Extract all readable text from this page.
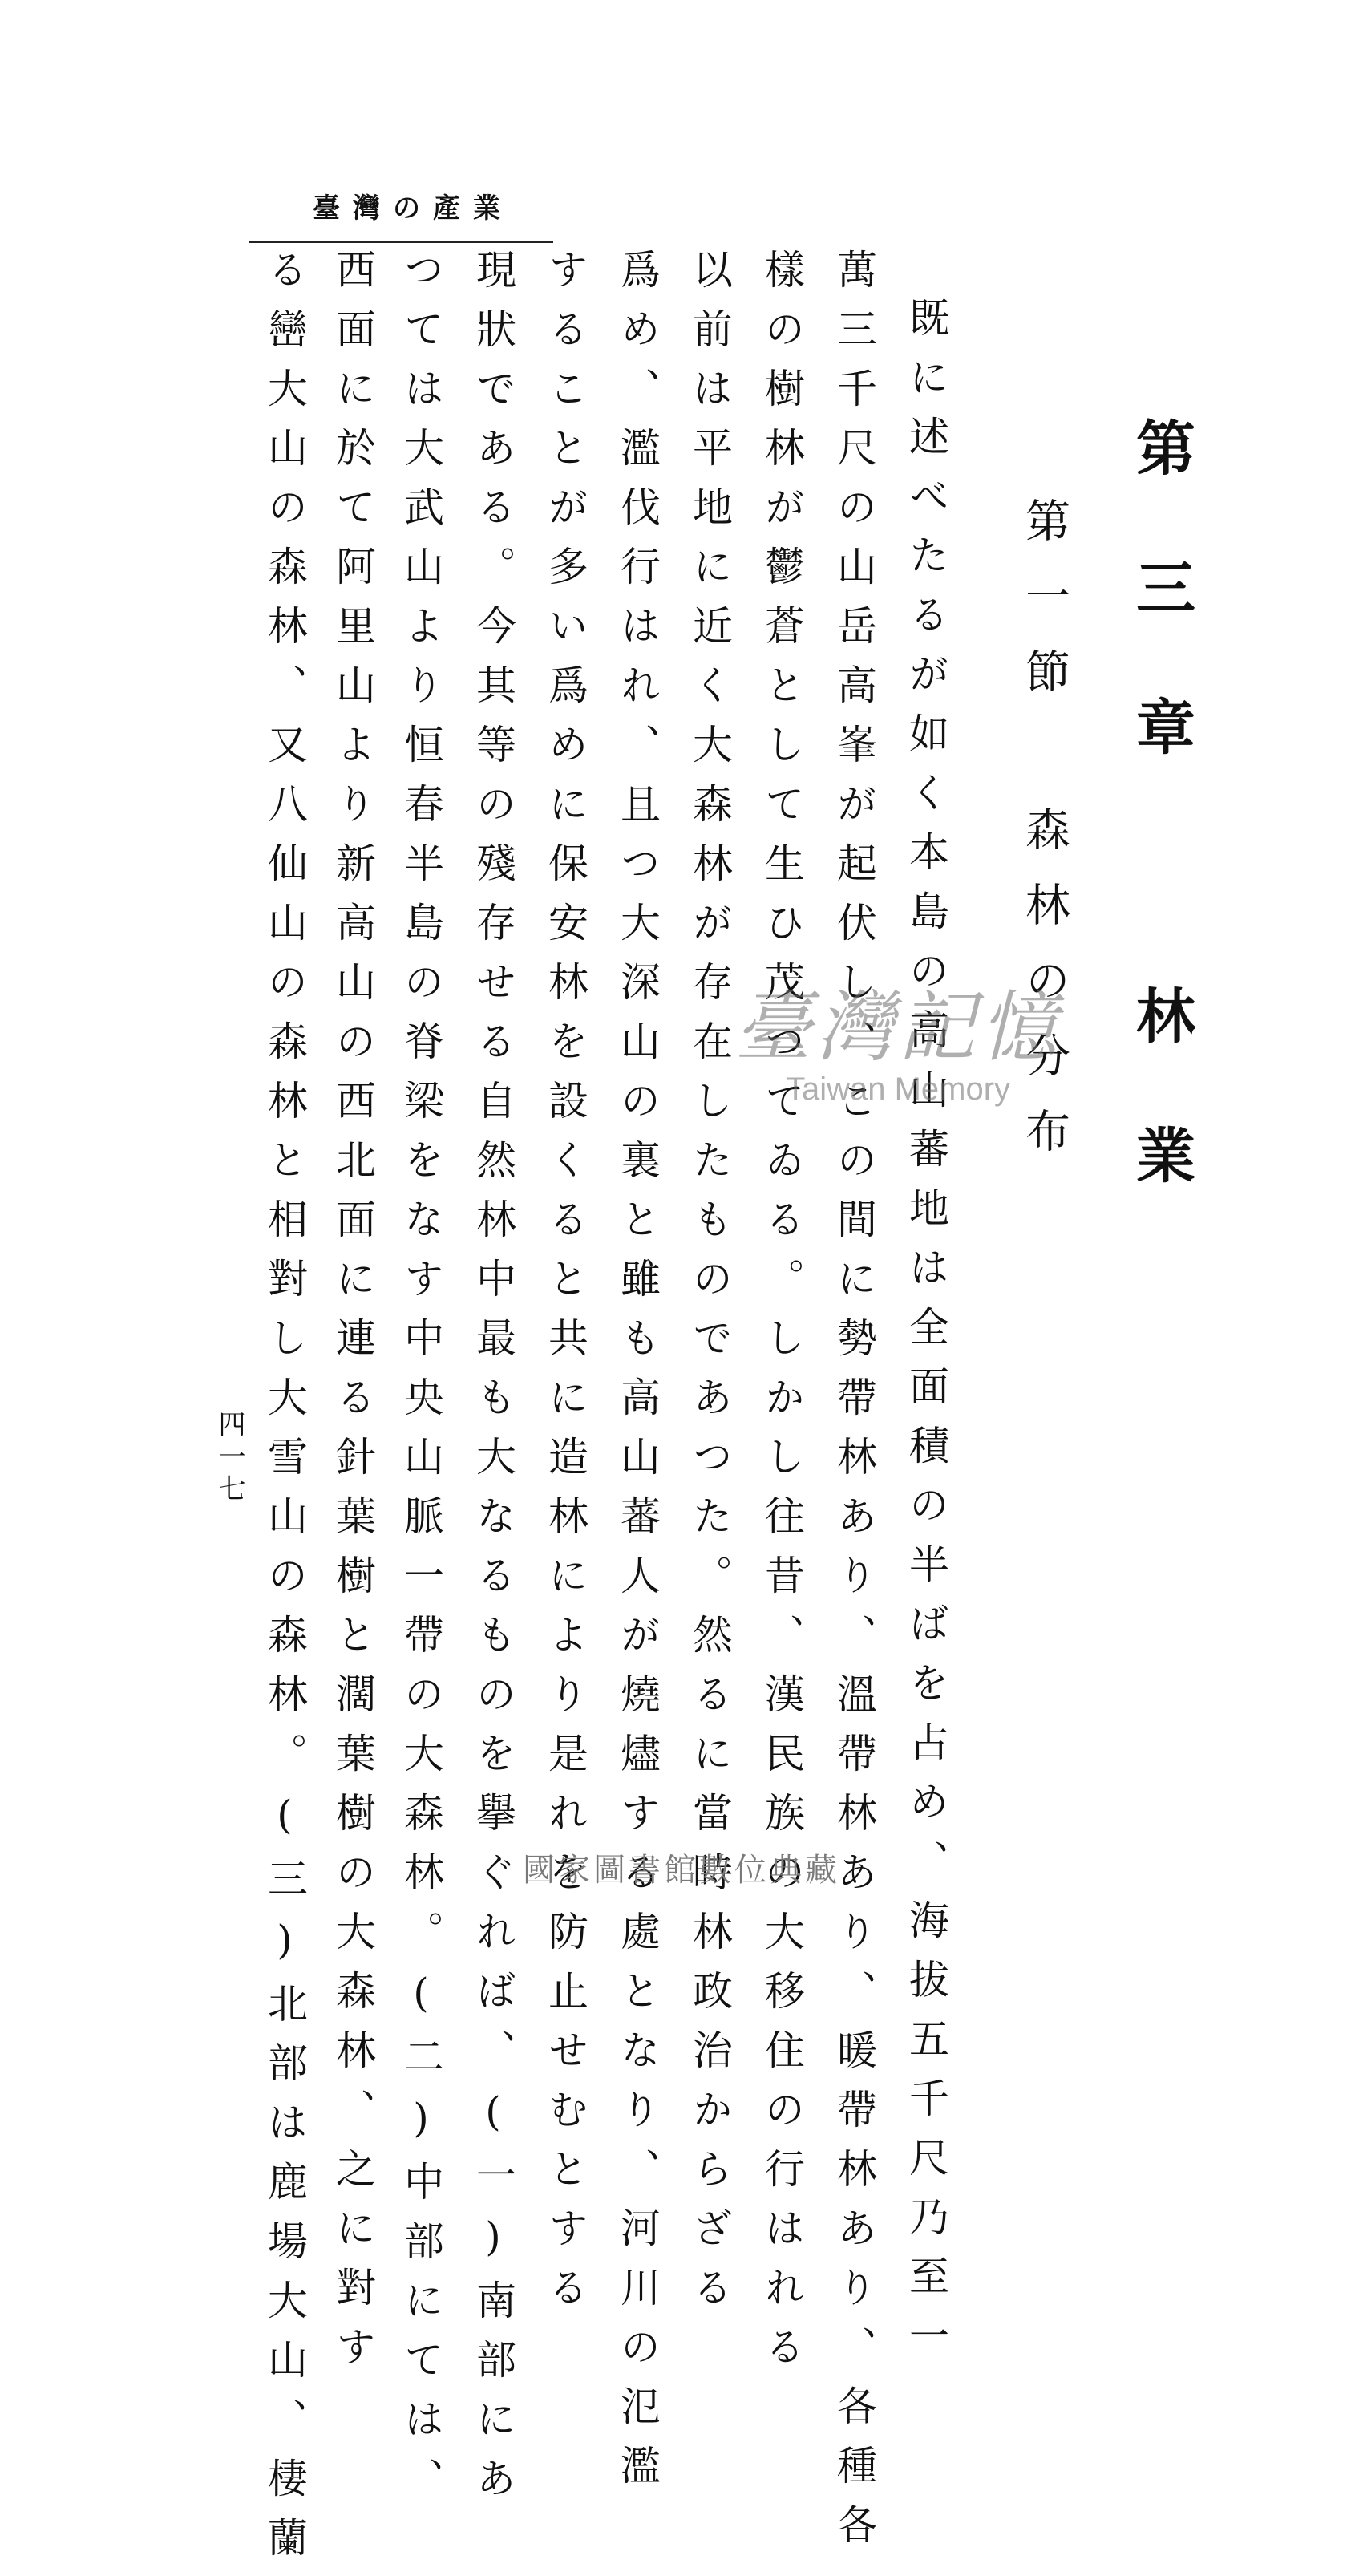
臺灣の產業
第三章 林業
第一節 森林の分布
既に述べたるが如く本島の高山蕃地は全面積の半ばを占め、海拔五千尺乃至一
萬三千尺の山岳高峯が起伏し、この間に勢帶林あり、溫帶林あり、暖帶林あり、各種各
樣の樹林が鬱蒼として生ひ茂つてゐる。しかし往昔、漢民族の大移住の行はれる
以前は平地に近く大森林が存在したものであつた。然るに當時林政治からざる
爲め、濫伐行はれ、且つ大深山の裏と雖も高山蕃人が燒燼する處となり、河川の氾濫
することが多い爲めに保安林を設くると共に造林により是れを防止せむとする
現狀である。今其等の殘存せる自然林中最も大なるものを擧ぐれば、(一)南部にあ
つては大武山より恒春半島の脊梁をなす中央山脈一帶の大森林。(二)中部にては、
西面に於て阿里山より新高山の西北面に連る針葉樹と濶葉樹の大森林、之に對す
る巒大山の森林、又八仙山の森林と相對し大雪山の森林。(三)北部は鹿場大山、棲蘭
四一七
臺灣記憶
Taiwan Memory
國家圖書館數位典藏
